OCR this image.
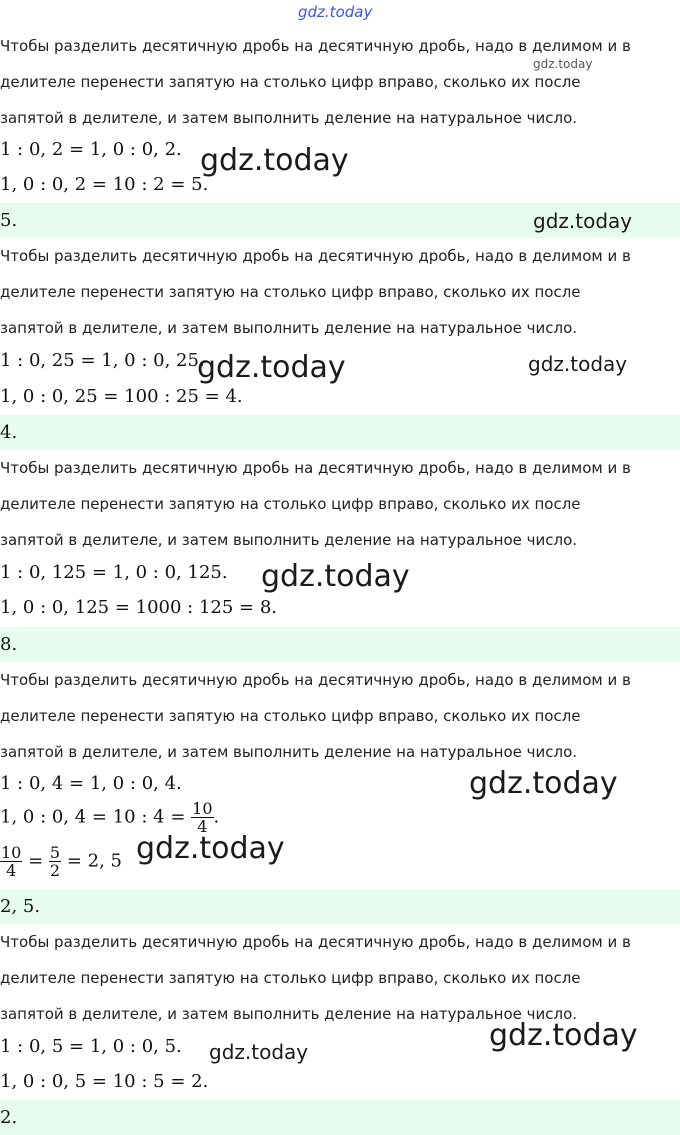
gdz.today
gdz.today
Чтобы разделить десятичную дробь на десятичную дробь, надо в делимом и в
делителе перенести запятую на столько цифр вправо, сколько их после
запятой в делителе, и затем выполнить деление на натуральное число.
1 : 0, 2 = 1, 0 : 0, 2. gdz.today
1, 0 : 0, 2 = 10 : 2 = 5.
5.	gdz.today
Чтобы разделить десятичную дробь на десятичную дробь, надо в делимом и в
делителе перенести запятую на столько цифр вправо, сколько их после
запятой в делителе, и затем выполнить деление на натуральное число.
1 : 0, 25 = 1, 0 : 0, 25.
gdz.today	gdz.today
1, 0 : 0, 25 = 100 : 25 = 4.
4.
Чтобы разделить десятичную дробь на десятичную дробь, надо в делимом и в
делителе перенести запятую на столько цифр вправо, сколько их после
запятой в делителе, и затем выполнить деление на натуральное число.
1 : 0, 125 = 1, 0 : 0, 125. gdz.today
1, 0 : 0, 125 = 1000 : 125 = 8.
8.
Чтобы разделить десятичную дробь на десятичную дробь, надо в делимом и в
делителе перенести запятую на столько цифр вправо, сколько их после
запятой в делителе, и затем выполнить деление на натуральное число.
1 : 0, 4 = 1, 0 : 0, 4.	gdz.today
1, 0 : 0, 4 = 10 : $4 = \frac{10}{4}$ .
$\frac{10}{4} = \frac{5}{2} = 2$, 5 gdz.today
2, 5.
Чтобы разделить десятичную дробь на десятичную дробь, надо в делимом и в
делителе перенести запятую на столько цифр вправо, сколько их после
запятой в делителе, и затем выполнить деление на натуральное число.
gdz.today
1 : 0, 5 = 1, 0 : 0, 5. gdz.today
1, 0 : 0, 5 = 10 : 5 = 2.
2.
